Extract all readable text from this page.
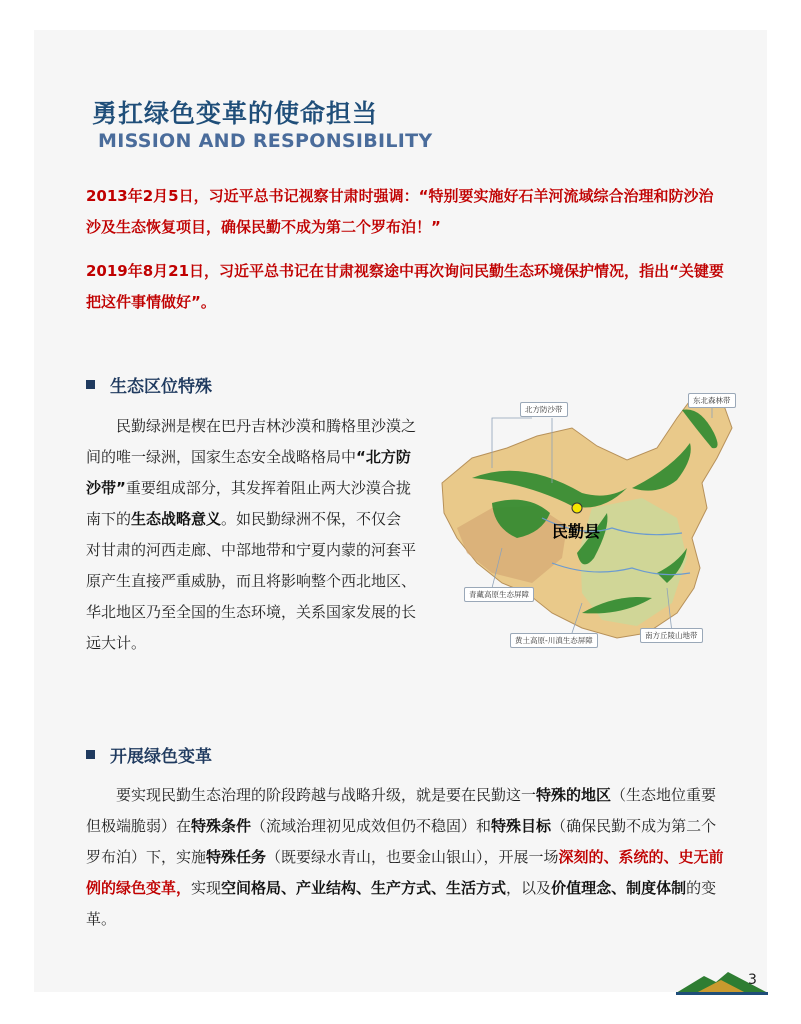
勇扛绿色变革的使命担当
MISSION AND RESPONSIBILITY

2013年2月5日，习近平总书记视察甘肃时强调：“特别要实施好石羊河流域综合治理和防沙治沙及生态恢复项目，确保民勤不成为第二个罗布泊！”

2019年8月21日，习近平总书记在甘肃视察途中再次询问民勤生态环境保护情况，指出“关键要把这件事情做好”。

生态区位特殊

　　民勤绿洲是楔在巴丹吉林沙漠和腾格里沙漠之间的唯一绿洲，国家生态安全战略格局中“北方防沙带”重要组成部分，其发挥着阻止两大沙漠合拢南下的生态战略意义。如民勤绿洲不保，不仅会对甘肃的河西走廊、中部地带和宁夏内蒙的河套平原产生直接严重威胁，而且将影响整个西北地区、华北地区乃至全国的生态环境，关系国家发展的长远大计。

北方防沙带
东北森林带
青藏高原生态屏障
黄土高原-川滇生态屏障
南方丘陵山地带
民勤县
开展绿色变革

　　要实现民勤生态治理的阶段跨越与战略升级，就是要在民勤这一特殊的地区（生态地位重要但极端脆弱）在特殊条件（流域治理初见成效但仍不稳固）和特殊目标（确保民勤不成为第二个罗布泊）下，实施特殊任务（既要绿水青山，也要金山银山），开展一场深刻的、系统的、史无前例的绿色变革，实现空间格局、产业结构、生产方式、生活方式，以及价值理念、制度体制的变革。

3
